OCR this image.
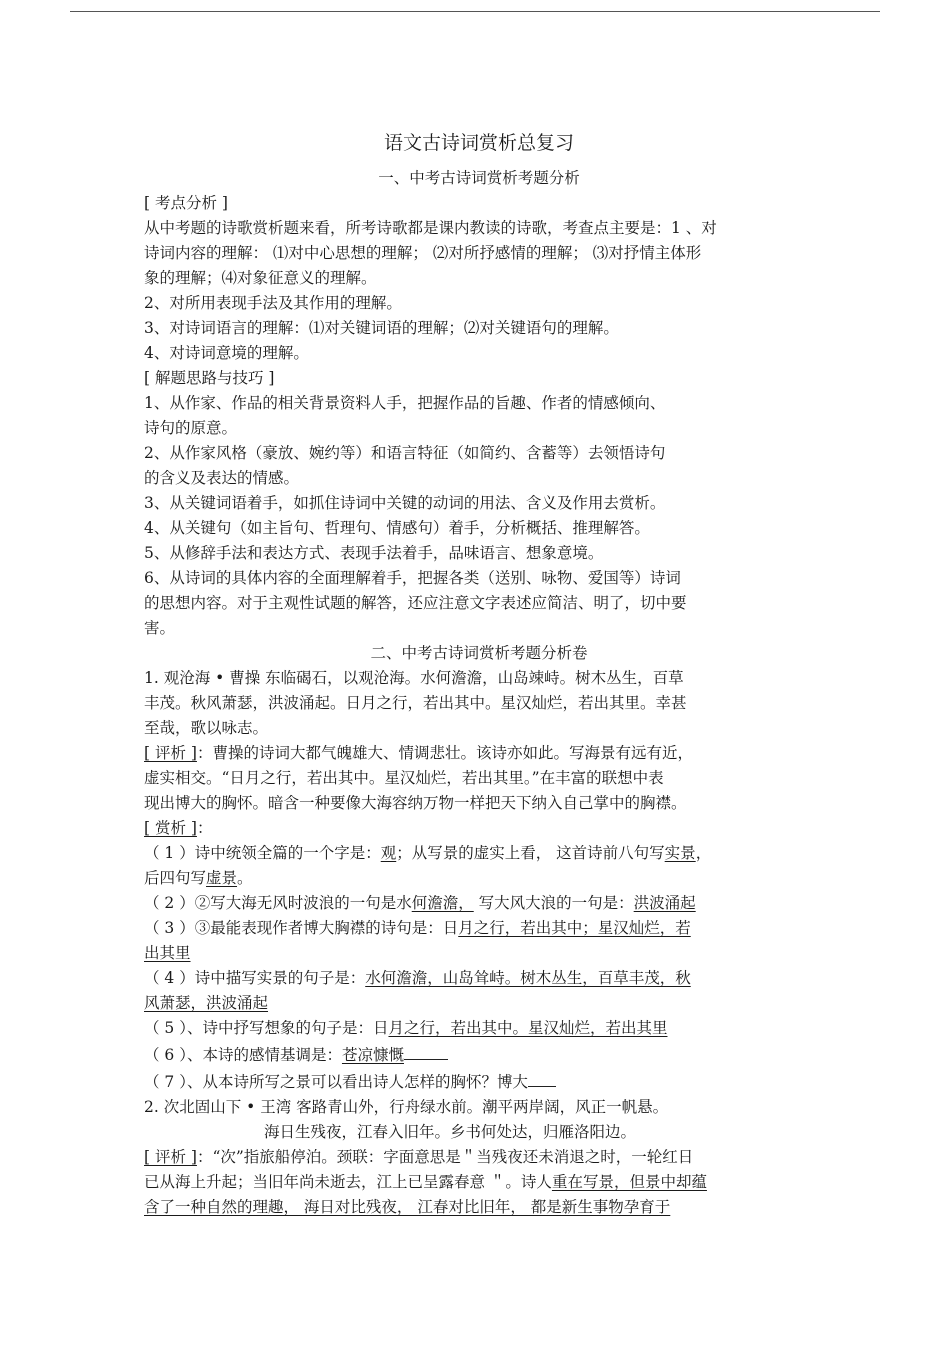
语文古诗词赏析总复习

一、中考古诗词赏析考题分析

[ 考点分析 ]

从中考题的诗歌赏析题来看，所考诗歌都是课内教读的诗歌，考查点主要是：1 、对

诗词内容的理解： ⑴对中心思想的理解； ⑵对所抒感情的理解； ⑶对抒情主体形

象的理解；⑷对象征意义的理解。

2、对所用表现手法及其作用的理解。

3、对诗词语言的理解：⑴对关键词语的理解；⑵对关键语句的理解。

4、对诗词意境的理解。

[ 解题思路与技巧 ]

1、从作家、作品的相关背景资料人手，把握作品的旨趣、作者的情感倾向、

诗句的原意。

2、从作家风格（豪放、婉约等）和语言特征（如简约、含蓄等）去领悟诗句

的含义及表达的情感。

3、从关键词语着手，如抓住诗词中关键的动词的用法、含义及作用去赏析。

4、从关键句（如主旨句、哲理句、情感句）着手，分析概括、推理解答。

5、从修辞手法和表达方式、表现手法着手，品味语言、想象意境。

6、从诗词的具体内容的全面理解着手，把握各类（送别、咏物、爱国等）诗词

的思想内容。对于主观性试题的解答，还应注意文字表述应简洁、明了，切中要

害。

二、中考古诗词赏析考题分析卷

1. 观沧海 • 曹操 东临碣石，以观沧海。水何澹澹，山岛竦峙。树木丛生，百草

丰茂。秋风萧瑟，洪波涌起。日月之行，若出其中。星汉灿烂，若出其里。幸甚

至哉，歌以咏志。

[ 评析 ]：曹操的诗词大都气魄雄大、情调悲壮。该诗亦如此。写海景有远有近，

虚实相交。“日月之行，若出其中。星汉灿烂，若出其里。”在丰富的联想中表

现出博大的胸怀。暗含一种要像大海容纳万物一样把天下纳入自己掌中的胸襟。

[ 赏析 ]：

（ 1 ）诗中统领全篇的一个字是：观；从写景的虚实上看， 这首诗前八句写实景，

后四句写虚景。

（ 2 ）②写大海无风时波浪的一句是水何澹澹， 写大风大浪的一句是：洪波涌起

（ 3 ）③最能表现作者博大胸襟的诗句是：日月之行，若出其中；星汉灿烂，若

出其里

（ 4 ）诗中描写实景的句子是：水何澹澹，山岛耸峙。树木丛生，百草丰茂，秋

风萧瑟，洪波涌起

（ 5 ）、诗中抒写想象的句子是：日月之行，若出其中。星汉灿烂，若出其里

（ 6 ）、本诗的感情基调是：苍凉慷慨

（ 7 ）、从本诗所写之景可以看出诗人怎样的胸怀？博大

2. 次北固山下 • 王湾 客路青山外，行舟绿水前。潮平两岸阔，风正一帆悬。

海日生残夜，江春入旧年。乡书何处达，归雁洛阳边。

[ 评析 ]：“次”指旅船停泊。颈联：字面意思是＂当残夜还未消退之时，一轮红日

已从海上升起；当旧年尚未逝去，江上已呈露春意 ＂。诗人重在写景，但景中却蕴

含了一种自然的理趣， 海日对比残夜， 江春对比旧年， 都是新生事物孕育于
